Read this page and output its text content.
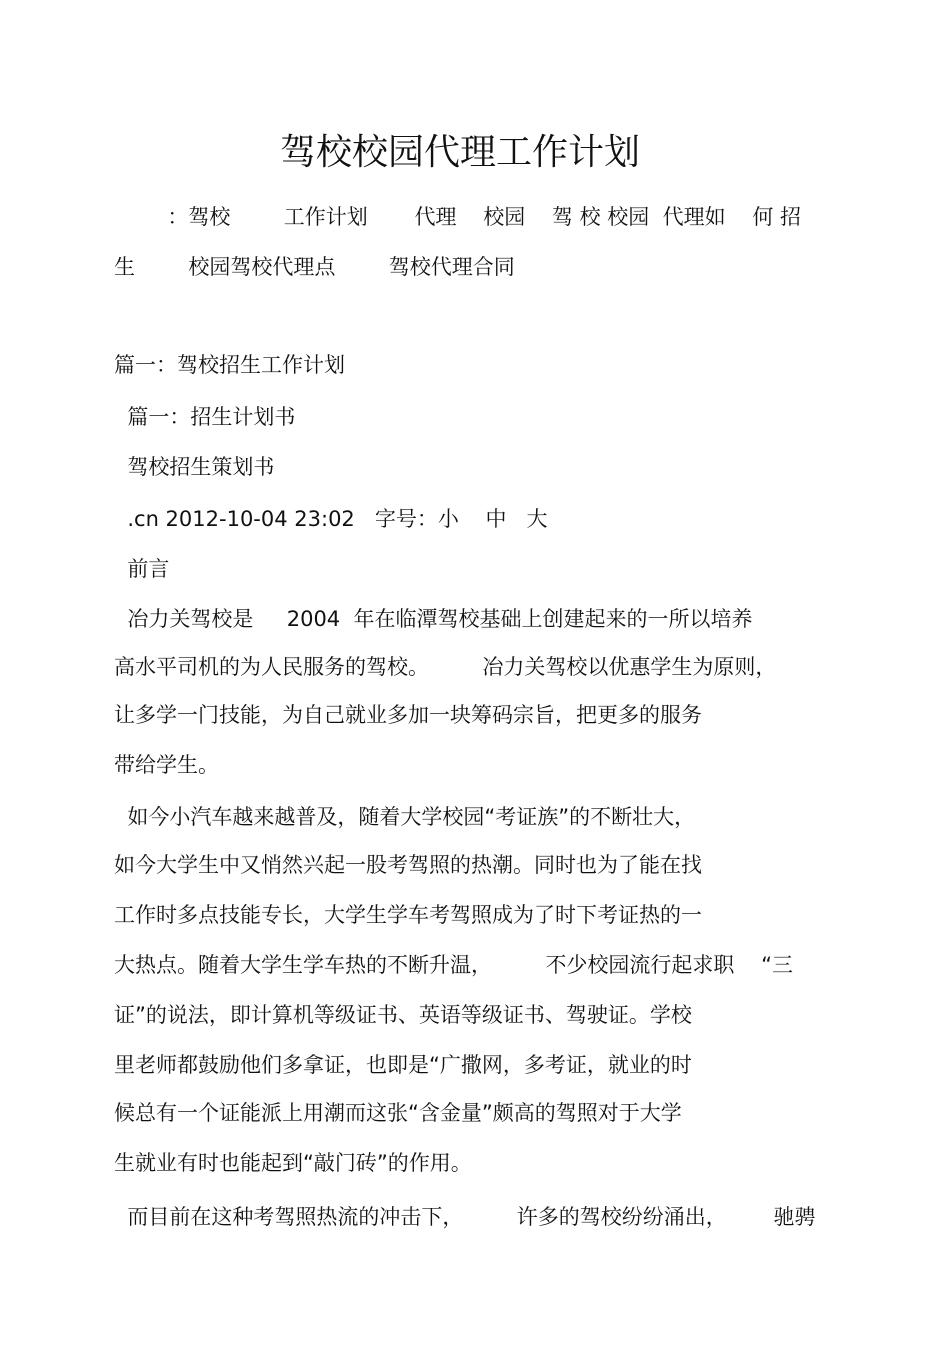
驾校校园代理工作计划

：驾校        工作计划       代理    校园    驾 校 校园  代理如    何 招

生        校园驾校代理点        驾校代理合同

篇一：驾校招生工作计划

篇一：招生计划书

驾校招生策划书

.cn 2012-10-04 23:02   字号：小    中   大

前言

冶力关驾校是     2004  年在临潭驾校基础上创建起来的一所以培养

高水平司机的为人民服务的驾校。        冶力关驾校以优惠学生为原则，

让多学一门技能，为自己就业多加一块筹码宗旨，把更多的服务

带给学生。

如今小汽车越来越普及，随着大学校园“考证族”的不断壮大，

如今大学生中又悄然兴起一股考驾照的热潮。同时也为了能在找

工作时多点技能专长，大学生学车考驾照成为了时下考证热的一

大热点。随着大学生学车热的不断升温，        不少校园流行起求职    “三

证”的说法，即计算机等级证书、英语等级证书、驾驶证。学校

里老师都鼓励他们多拿证，也即是“广撒网，多考证，就业的时

候总有一个证能派上用潮而这张“含金量”颇高的驾照对于大学

生就业有时也能起到“敲门砖”的作用。

而目前在这种考驾照热流的冲击下，        许多的驾校纷纷涌出，       驰骋
